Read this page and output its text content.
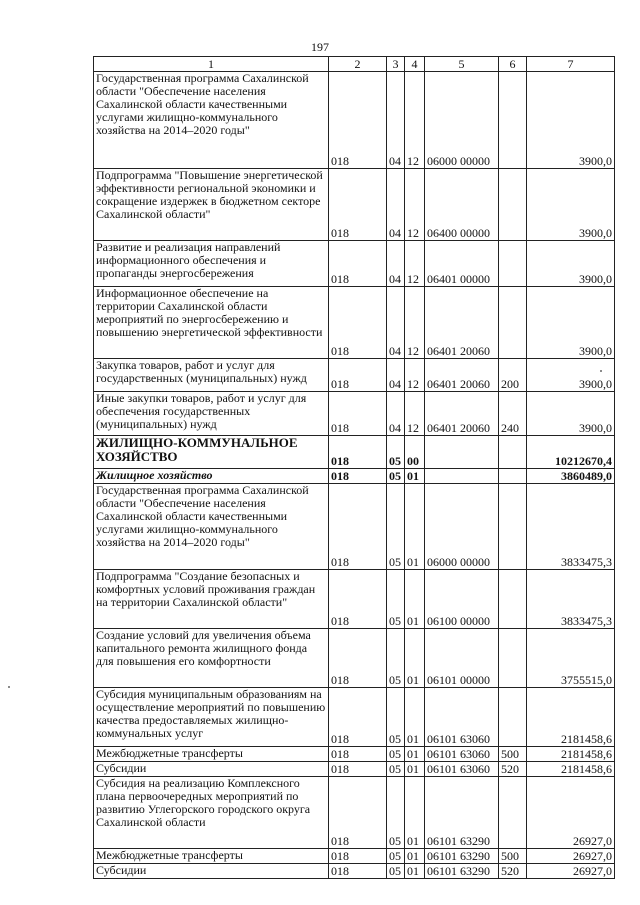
197
1	2	3	4	5	6	7
Государственная программа Сахалинской области "Обеспечение населения Сахалинской области качественными услугами жилищно-коммунального хозяйства на 2014–2020 годы"	018	04	12	06000 00000		3900,0
Подпрограмма "Повышение энергетической эффективности региональной экономики и сокращение издержек в бюджетном секторе Сахалинской области"	018	04	12	06400 00000		3900,0
Развитие и реализация направлений информационного обеспечения и пропаганды энергосбережения	018	04	12	06401 00000		3900,0
Информационное обеспечение на территории Сахалинской области мероприятий по энергосбережению и повышению энергетической эффективности	018	04	12	06401 20060		3900,0
Закупка товаров, работ и услуг для государственных (муниципальных) нужд	018	04	12	06401 20060	200	3900,0
Иные закупки товаров, работ и услуг для обеспечения государственных (муниципальных) нужд	018	04	12	06401 20060	240	3900,0
ЖИЛИЩНО-КОММУНАЛЬНОЕ ХОЗЯЙСТВО	018	05	00			10212670,4
Жилищное хозяйство	018	05	01			3860489,0
Государственная программа Сахалинской области "Обеспечение населения Сахалинской области качественными услугами жилищно-коммунального хозяйства на 2014–2020 годы"	018	05	01	06000 00000		3833475,3
Подпрограмма "Создание безопасных и комфортных условий проживания граждан на территории Сахалинской области"	018	05	01	06100 00000		3833475,3
Создание условий для увеличения объема капитального ремонта жилищного фонда для повышения его комфортности	018	05	01	06101 00000		3755515,0
Субсидия муниципальным образованиям на осуществление мероприятий по повышению качества предоставляемых жилищно-коммунальных услуг	018	05	01	06101 63060		2181458,6
Межбюджетные трансферты	018	05	01	06101 63060	500	2181458,6
Субсидии	018	05	01	06101 63060	520	2181458,6
Субсидия на реализацию Комплексного плана первоочередных мероприятий по развитию Углегорского городского округа Сахалинской области	018	05	01	06101 63290		26927,0
Межбюджетные трансферты	018	05	01	06101 63290	500	26927,0
Субсидии	018	05	01	06101 63290	520	26927,0
